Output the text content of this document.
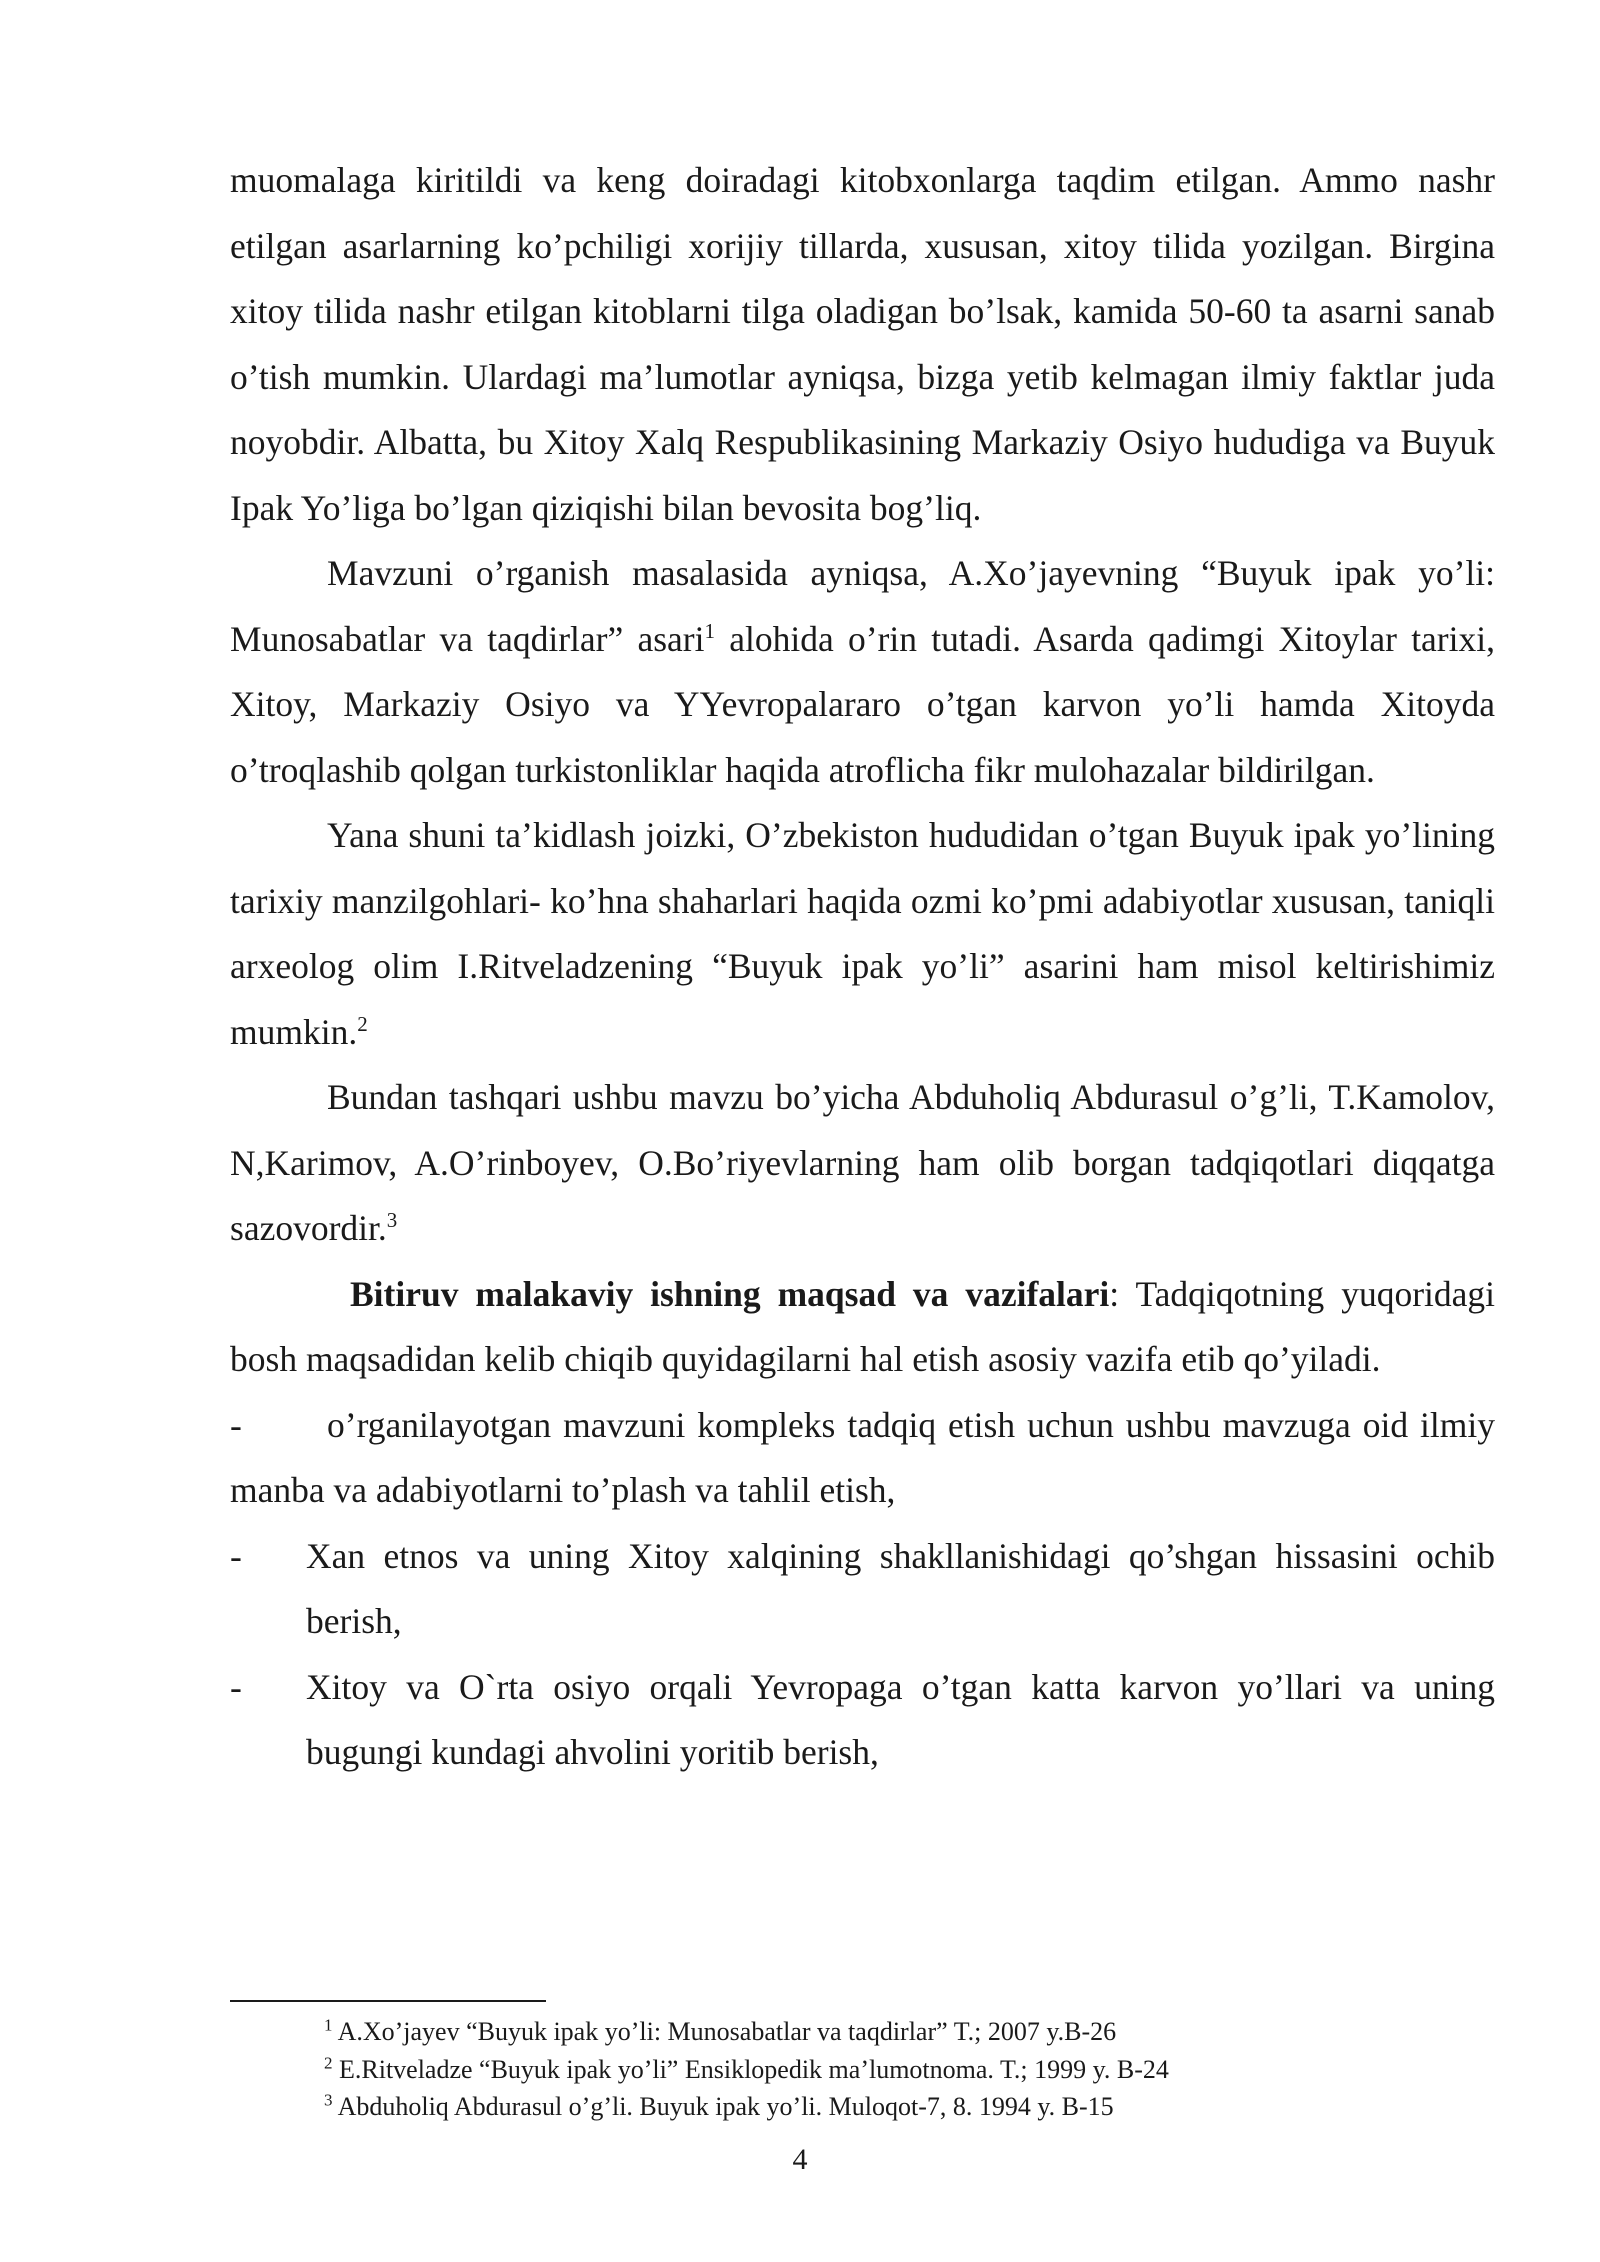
muomalaga kiritildi va keng doiradagi kitobxonlarga taqdim etilgan. Ammo nashr etilgan asarlarning ko’pchiligi xorijiy tillarda, xususan, xitoy tilida yozilgan. Birgina xitoy tilida nashr etilgan kitoblarni tilga oladigan bo’lsak, kamida 50-60 ta asarni sanab o’tish mumkin. Ulardagi ma’lumotlar ayniqsa, bizga yetib kelmagan ilmiy faktlar juda noyobdir. Albatta, bu Xitoy Xalq Respublikasining Markaziy Osiyo hududiga va Buyuk Ipak Yo’liga bo’lgan qiziqishi bilan bevosita bog’liq.

Mavzuni o’rganish masalasida ayniqsa, A.Xo’jayevning “Buyuk ipak yo’li: Munosabatlar va taqdirlar” asari$^1$ alohida o’rin tutadi. Asarda qadimgi Xitoylar tarixi, Xitoy, Markaziy Osiyo va YYevropalararo o’tgan karvon yo’li hamda Xitoyda o’troqlashib qolgan turkistonliklar haqida atroflicha fikr mulohazalar bildirilgan.

Yana shuni ta’kidlash joizki, O’zbekiston hududidan o’tgan Buyuk ipak yo’lining tarixiy manzilgohlari- ko’hna shaharlari haqida ozmi ko’pmi adabiyotlar xususan, taniqli arxeolog olim I.Ritveladzening “Buyuk ipak yo’li” asarini ham misol keltirishimiz mumkin.$^2$

Bundan tashqari ushbu mavzu bo’yicha Abduholiq Abdurasul o’g’li, T.Kamolov, N,Karimov, A.O’rinboyev, O.Bo’riyevlarning ham olib borgan tadqiqotlari diqqatga sazovordir.$^3$

Bitiruv malakaviy ishning maqsad va vazifalari: Tadqiqotning yuqoridagi bosh maqsadidan kelib chiqib quyidagilarni hal etish asosiy vazifa etib qo’yiladi.

- o’rganilayotgan mavzuni kompleks tadqiq etish uchun ushbu mavzuga oid ilmiy manba va adabiyotlarni to’plash va tahlil etish,

-	Xan etnos va uning Xitoy xalqining shakllanishidagi qo’shgan hissasini ochib berish,
-	Xitoy va O`rta osiyo orqali Yevropaga o’tgan katta karvon yo’llari va uning bugungi kundagi ahvolini yoritib berish,

$^1$ A.Xo’jayev “Buyuk ipak yo’li: Munosabatlar va taqdirlar” T.; 2007 y.B-26

$^2$ E.Ritveladze “Buyuk ipak yo’li” Ensiklopedik ma’lumotnoma. T.; 1999 y. B-24

$^3$ Abduholiq Abdurasul o’g’li. Buyuk ipak yo’li. Muloqot-7, 8. 1994 y. B-15

4
